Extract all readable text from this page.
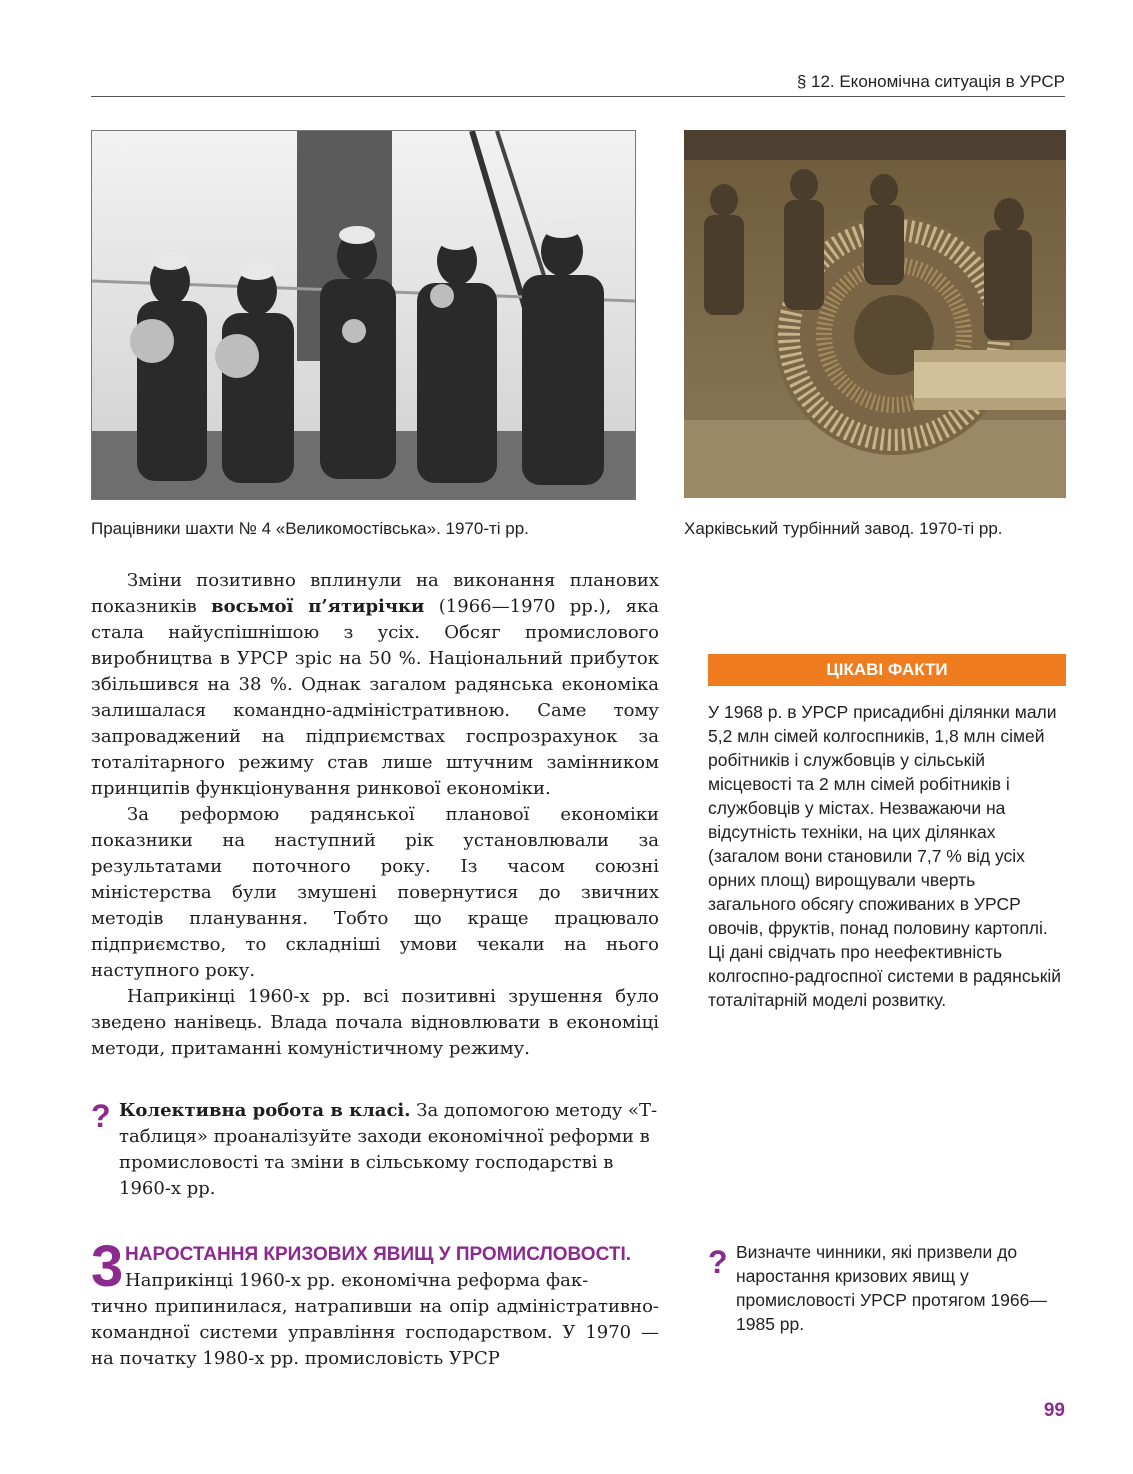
§ 12. Економічна ситуація в УРСР
Працівники шахти № 4 «Великомостівська». 1970-ті рр.	Харківський турбінний завод. 1970-ті рр.

Зміни позитивно вплинули на виконання планових показників восьмої п’ятирічки (1966—1970 рр.), яка стала найуспішнішою з усіх. Обсяг промислового виробництва в УРСР зріс на 50 %. Національний прибуток збільшився на 38 %. Однак загалом радянська економіка залишалася командно-адміністративною. Саме тому запроваджений на підприємствах госпрозрахунок за тоталітарного режиму став лише штучним замінником принципів функціонування ринкової економіки.

За реформою радянської планової економіки показники на наступний рік установлювали за результатами поточного року. Із часом союзні міністерства були змушені повернутися до звичних методів планування. Тобто що краще працювало підприємство, то складніші умови чекали на нього наступного року.

Наприкінці 1960-х рр. всі позитивні зрушення було зведено нанівець. Влада почала відновлювати в економіці методи, притаманні комуністичному режиму.

? Колективна робота в класі. За допомогою методу «Т-таблиця» проаналізуйте заходи економічної реформи в промисловості та зміни в сільському господарстві в 1960-х рр.
3 НАРОСТАННЯ КРИЗОВИХ ЯВИЩ У ПРОМИСЛОВОСТІ.
Наприкінці 1960-х рр. економічна реформа фак-
тично припинилася, натрапивши на опір адміністративно-командної системи управління господарством. У 1970 — на початку 1980-х рр. промисловість УРСР
ЦІКАВІ ФАКТИ
У 1968 р. в УРСР присадибні ділянки мали 5,2 млн сімей колгоспників, 1,8 млн сімей робітників і службовців у сільській місцевості та 2 млн сімей робітників і службовців у містах. Незважаючи на відсутність техніки, на цих ділянках (загалом вони становили 7,7 % від усіх орних площ) вирощували чверть загального обсягу споживаних в УРСР овочів, фруктів, понад половину картоплі. Ці дані свідчать про неефективність колгоспно-радгоспної системи в радянській тоталітарній моделі розвитку.
? Визначте чинники, які призвели до наростання кризових явищ у промисловості УРСР протягом 1966—1985 рр.
99
